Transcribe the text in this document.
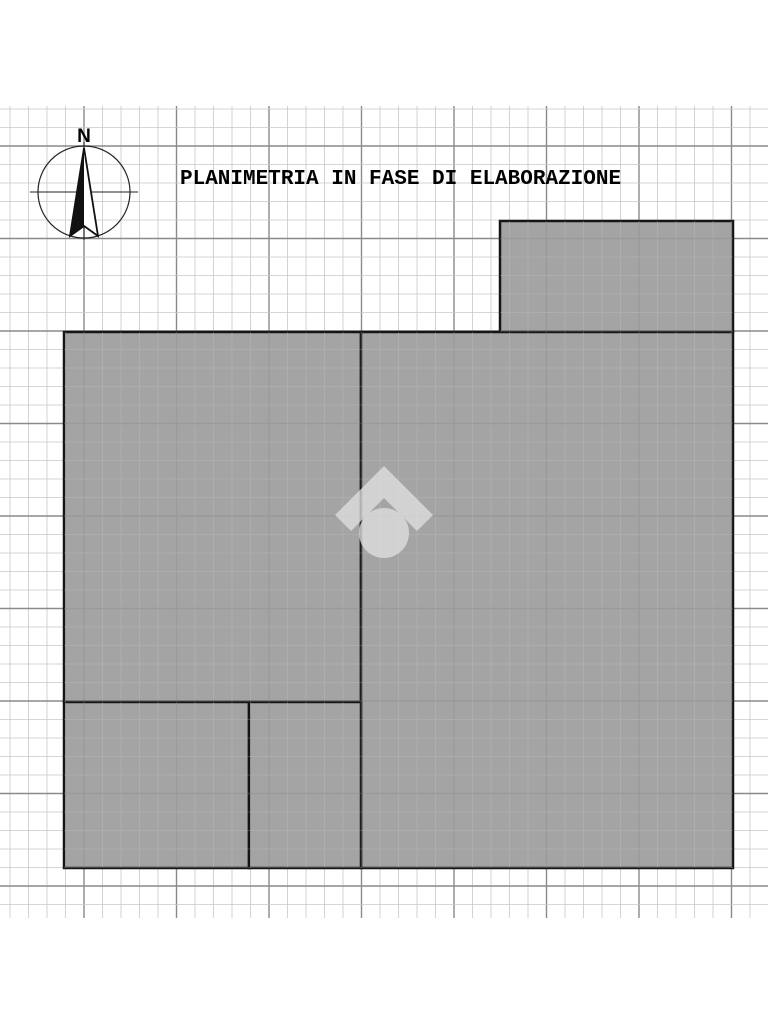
N
PLANIMETRIA IN FASE DI ELABORAZIONE
